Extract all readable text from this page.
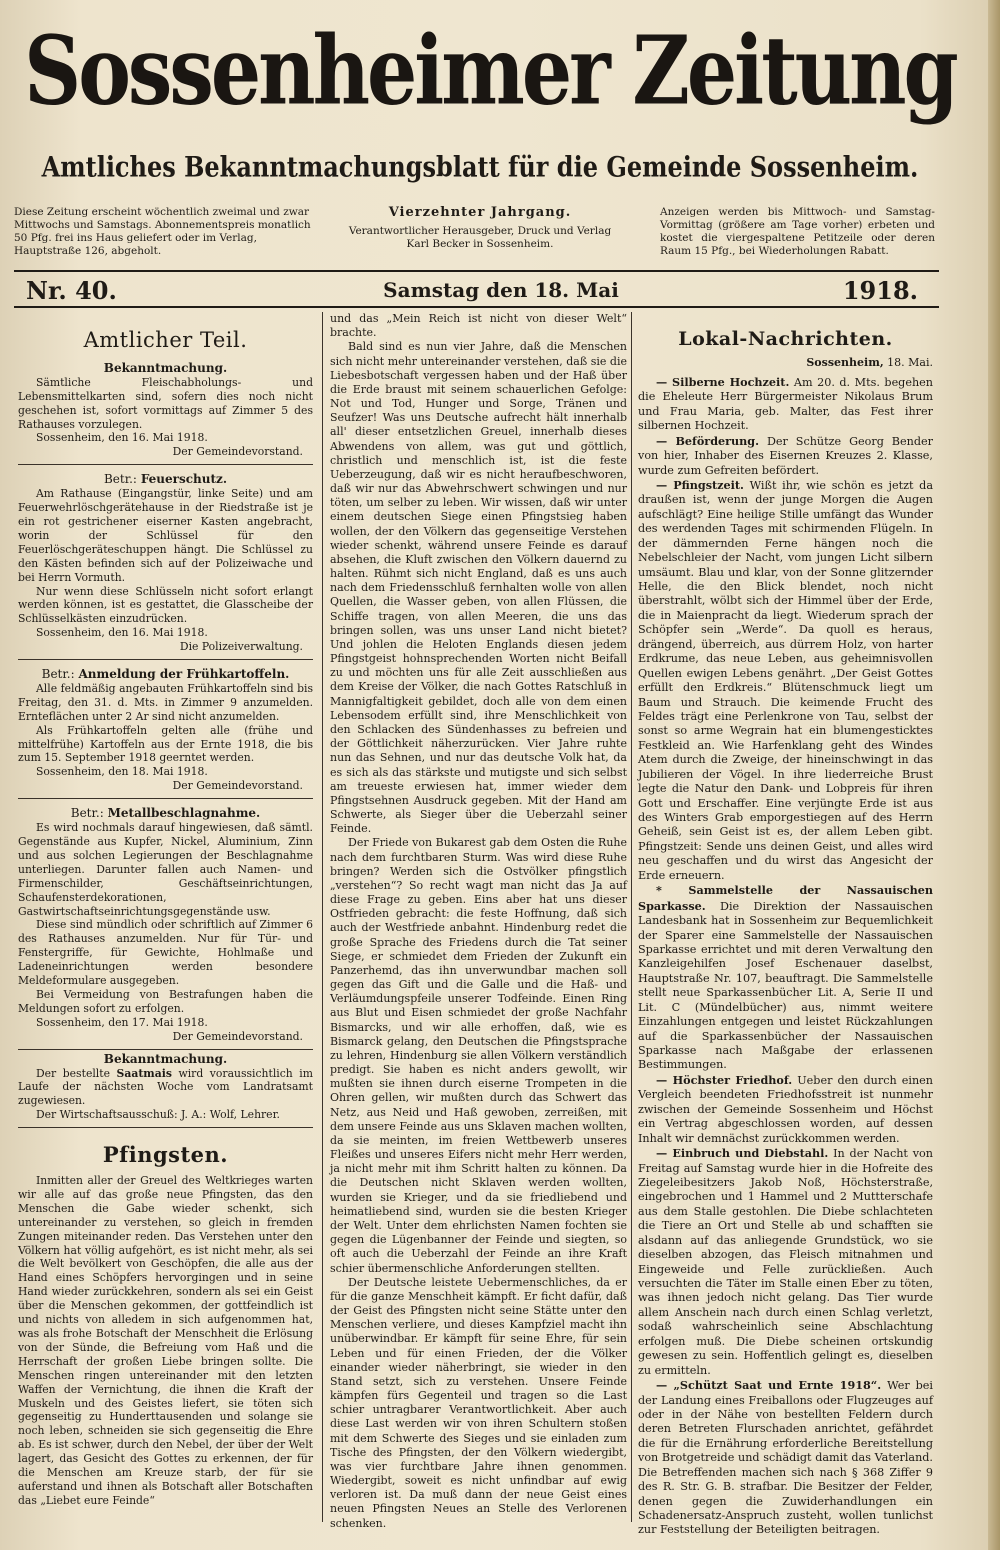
Sossenheimer Zeitung
Amtliches Bekanntmachungsblatt für die Gemeinde Sossenheim.
Diese Zeitung erscheint wöchentlich zweimal und zwar Mittwochs und Samstags. Abonnementspreis monatlich 50 Pfg. frei ins Haus geliefert oder im Verlag, Hauptstraße 126, abgeholt.
Vierzehnter Jahrgang.
Verantwortlicher Herausgeber, Druck und Verlag Karl Becker in Sossenheim.
Anzeigen werden bis Mittwoch- und Samstag-Vormittag (größere am Tage vorher) erbeten und kostet die viergespaltene Petitzeile oder deren Raum 15 Pfg., bei Wiederholungen Rabatt.
Nr. 40.	Samstag den 18. Mai	1918.
Amtlicher Teil.
Bekanntmachung.

Sämtliche Fleischabholungs- und Lebensmittelkarten sind, sofern dies noch nicht geschehen ist, sofort vormittags auf Zimmer 5 des Rathauses vorzulegen.

Sossenheim, den 16. Mai 1918.
Der Gemeindevorstand.
Betr.: Feuerschutz.

Am Rathause (Eingangstür, linke Seite) und am Feuerwehrlöschgerätehause in der Riedstraße ist je ein rot gestrichener eiserner Kasten angebracht, worin der Schlüssel für den Feuerlöschgeräteschuppen hängt. Die Schlüssel zu den Kästen befinden sich auf der Polizeiwache und bei Herrn Vormuth.

Nur wenn diese Schlüsseln nicht sofort erlangt werden können, ist es gestattet, die Glasscheibe der Schlüsselkästen einzudrücken.

Sossenheim, den 16. Mai 1918.
Die Polizeiverwaltung.
Betr.: Anmeldung der Frühkartoffeln.

Alle feldmäßig angebauten Frühkartoffeln sind bis Freitag, den 31. d. Mts. in Zimmer 9 anzumelden. Ernteflächen unter 2 Ar sind nicht anzumelden.

Als Frühkartoffeln gelten alle (frühe und mittelfrühe) Kartoffeln aus der Ernte 1918, die bis zum 15. September 1918 geerntet werden.

Sossenheim, den 18. Mai 1918.
Der Gemeindevorstand.
Betr.: Metallbeschlagnahme.

Es wird nochmals darauf hingewiesen, daß sämtl. Gegenstände aus Kupfer, Nickel, Aluminium, Zinn und aus solchen Legierungen der Beschlagnahme unterliegen. Darunter fallen auch Namen- und Firmenschilder, Geschäftseinrichtungen, Schaufensterdekorationen, Gastwirtschaftseinrichtungsgegenstände usw.

Diese sind mündlich oder schriftlich auf Zimmer 6 des Rathauses anzumelden. Nur für Tür- und Fenstergriffe, für Gewichte, Hohlmaße und Ladeneinrichtungen werden besondere Meldeformulare ausgegeben.

Bei Vermeidung von Bestrafungen haben die Meldungen sofort zu erfolgen.

Sossenheim, den 17. Mai 1918.
Der Gemeindevorstand.
Bekanntmachung.

Der bestellte Saatmais wird voraussichtlich im Laufe der nächsten Woche vom Landratsamt zugewiesen.

Der Wirtschaftsausschuß: J. A.: Wolf, Lehrer.

Pfingsten.

Inmitten aller der Greuel des Weltkrieges warten wir alle auf das große neue Pfingsten, das den Menschen die Gabe wieder schenkt, sich untereinander zu verstehen, so gleich in fremden Zungen miteinander reden. Das Verstehen unter den Völkern hat völlig aufgehört, es ist nicht mehr, als sei die Welt bevölkert von Geschöpfen, die alle aus der Hand eines Schöpfers hervorgingen und in seine Hand wieder zurückkehren, sondern als sei ein Geist über die Menschen gekommen, der gottfeindlich ist und nichts von alledem in sich aufgenommen hat, was als frohe Botschaft der Menschheit die Erlösung von der Sünde, die Befreiung vom Haß und die Herrschaft der großen Liebe bringen sollte. Die Menschen ringen untereinander mit den letzten Waffen der Vernichtung, die ihnen die Kraft der Muskeln und des Geistes liefert, sie töten sich gegenseitig zu Hunderttausenden und solange sie noch leben, schneiden sie sich gegenseitig die Ehre ab. Es ist schwer, durch den Nebel, der über der Welt lagert, das Gesicht des Gottes zu erkennen, der für die Menschen am Kreuze starb, der für sie auferstand und ihnen als Botschaft aller Botschaften das „Liebet eure Feinde“

und das „Mein Reich ist nicht von dieser Welt“ brachte.

Bald sind es nun vier Jahre, daß die Menschen sich nicht mehr untereinander verstehen, daß sie die Liebesbotschaft vergessen haben und der Haß über die Erde braust mit seinem schauerlichen Gefolge: Not und Tod, Hunger und Sorge, Tränen und Seufzer! Was uns Deutsche aufrecht hält innerhalb all' dieser entsetzlichen Greuel, innerhalb dieses Abwendens von allem, was gut und göttlich, christlich und menschlich ist, ist die feste Ueberzeugung, daß wir es nicht heraufbeschworen, daß wir nur das Abwehrschwert schwingen und nur töten, um selber zu leben. Wir wissen, daß wir unter einem deutschen Siege einen Pfingstsieg haben wollen, der den Völkern das gegenseitige Verstehen wieder schenkt, während unsere Feinde es darauf absehen, die Kluft zwischen den Völkern dauernd zu halten. Rühmt sich nicht England, daß es uns auch nach dem Friedensschluß fernhalten wolle von allen Quellen, die Wasser geben, von allen Flüssen, die Schiffe tragen, von allen Meeren, die uns das bringen sollen, was uns unser Land nicht bietet? Und johlen die Heloten Englands diesen jedem Pfingstgeist hohnsprechenden Worten nicht Beifall zu und möchten uns für alle Zeit ausschließen aus dem Kreise der Völker, die nach Gottes Ratschluß in Mannigfaltigkeit gebildet, doch alle von dem einen Lebensodem erfüllt sind, ihre Menschlichkeit von den Schlacken des Sündenhasses zu befreien und der Göttlichkeit näherzurücken. Vier Jahre ruhte nun das Sehnen, und nur das deutsche Volk hat, da es sich als das stärkste und mutigste und sich selbst am treueste erwiesen hat, immer wieder dem Pfingstsehnen Ausdruck gegeben. Mit der Hand am Schwerte, als Sieger über die Ueberzahl seiner Feinde.

Der Friede von Bukarest gab dem Osten die Ruhe nach dem furchtbaren Sturm. Was wird diese Ruhe bringen? Werden sich die Ostvölker pfingstlich „verstehen“? So recht wagt man nicht das Ja auf diese Frage zu geben. Eins aber hat uns dieser Ostfrieden gebracht: die feste Hoffnung, daß sich auch der Westfriede anbahnt. Hindenburg redet die große Sprache des Friedens durch die Tat seiner Siege, er schmiedet dem Frieden der Zukunft ein Panzerhemd, das ihn unverwundbar machen soll gegen das Gift und die Galle und die Haß- und Verläumdungspfeile unserer Todfeinde. Einen Ring aus Blut und Eisen schmiedet der große Nachfahr Bismarcks, und wir alle erhoffen, daß, wie es Bismarck gelang, den Deutschen die Pfingstsprache zu lehren, Hindenburg sie allen Völkern verständlich predigt. Sie haben es nicht anders gewollt, wir mußten sie ihnen durch eiserne Trompeten in die Ohren gellen, wir mußten durch das Schwert das Netz, aus Neid und Haß gewoben, zerreißen, mit dem unsere Feinde aus uns Sklaven machen wollten, da sie meinten, im freien Wettbewerb unseres Fleißes und unseres Eifers nicht mehr Herr werden, ja nicht mehr mit ihm Schritt halten zu können. Da die Deutschen nicht Sklaven werden wollten, wurden sie Krieger, und da sie friedliebend und heimatliebend sind, wurden sie die besten Krieger der Welt. Unter dem ehrlichsten Namen fochten sie gegen die Lügenbanner der Feinde und siegten, so oft auch die Ueberzahl der Feinde an ihre Kraft schier übermenschliche Anforderungen stellten.

Der Deutsche leistete Uebermenschliches, da er für die ganze Menschheit kämpft. Er ficht dafür, daß der Geist des Pfingsten nicht seine Stätte unter den Menschen verliere, und dieses Kampfziel macht ihn unüberwindbar. Er kämpft für seine Ehre, für sein Leben und für einen Frieden, der die Völker einander wieder näherbringt, sie wieder in den Stand setzt, sich zu verstehen. Unsere Feinde kämpfen fürs Gegenteil und tragen so die Last schier untragbarer Verantwortlichkeit. Aber auch diese Last werden wir von ihren Schultern stoßen mit dem Schwerte des Sieges und sie einladen zum Tische des Pfingsten, der den Völkern wiedergibt, was vier furchtbare Jahre ihnen genommen. Wiedergibt, soweit es nicht unfindbar auf ewig verloren ist. Da muß dann der neue Geist eines neuen Pfingsten Neues an Stelle des Verlorenen schenken.

Lokal-Nachrichten.
Sossenheim, 18. Mai.

— Silberne Hochzeit. Am 20. d. Mts. begehen die Eheleute Herr Bürgermeister Nikolaus Brum und Frau Maria, geb. Malter, das Fest ihrer silbernen Hochzeit.

— Beförderung. Der Schütze Georg Bender von hier, Inhaber des Eisernen Kreuzes 2. Klasse, wurde zum Gefreiten befördert.

— Pfingstzeit. Wißt ihr, wie schön es jetzt da draußen ist, wenn der junge Morgen die Augen aufschlägt? Eine heilige Stille umfängt das Wunder des werdenden Tages mit schirmenden Flügeln. In der dämmernden Ferne hängen noch die Nebelschleier der Nacht, vom jungen Licht silbern umsäumt. Blau und klar, von der Sonne glitzernder Helle, die den Blick blendet, noch nicht überstrahlt, wölbt sich der Himmel über der Erde, die in Maienpracht da liegt. Wiederum sprach der Schöpfer sein „Werde“. Da quoll es heraus, drängend, überreich, aus dürrem Holz, von harter Erdkrume, das neue Leben, aus geheimnisvollen Quellen ewigen Lebens genährt. „Der Geist Gottes erfüllt den Erdkreis.“ Blütenschmuck liegt um Baum und Strauch. Die keimende Frucht des Feldes trägt eine Perlenkrone von Tau, selbst der sonst so arme Wegrain hat ein blumengesticktes Festkleid an. Wie Harfenklang geht des Windes Atem durch die Zweige, der hineinschwingt in das Jubilieren der Vögel. In ihre liederreiche Brust legte die Natur den Dank- und Lobpreis für ihren Gott und Erschaffer. Eine verjüngte Erde ist aus des Winters Grab emporgestiegen auf des Herrn Geheiß, sein Geist ist es, der allem Leben gibt. Pfingstzeit: Sende uns deinen Geist, und alles wird neu geschaffen und du wirst das Angesicht der Erde erneuern.

* Sammelstelle der Nassauischen Sparkasse. Die Direktion der Nassauischen Landesbank hat in Sossenheim zur Bequemlichkeit der Sparer eine Sammelstelle der Nassauischen Sparkasse errichtet und mit deren Verwaltung den Kanzleigehilfen Josef Eschenauer daselbst, Hauptstraße Nr. 107, beauftragt. Die Sammelstelle stellt neue Sparkassenbücher Lit. A, Serie II und Lit. C (Mündelbücher) aus, nimmt weitere Einzahlungen entgegen und leistet Rückzahlungen auf die Sparkassenbücher der Nassauischen Sparkasse nach Maßgabe der erlassenen Bestimmungen.

— Höchster Friedhof. Ueber den durch einen Vergleich beendeten Friedhofsstreit ist nunmehr zwischen der Gemeinde Sossenheim und Höchst ein Vertrag abgeschlossen worden, auf dessen Inhalt wir demnächst zurückkommen werden.

— Einbruch und Diebstahl. In der Nacht von Freitag auf Samstag wurde hier in die Hofreite des Ziegeleibesitzers Jakob Noß, Höchsterstraße, eingebrochen und 1 Hammel und 2 Muttterschafe aus dem Stalle gestohlen. Die Diebe schlachteten die Tiere an Ort und Stelle ab und schafften sie alsdann auf das anliegende Grundstück, wo sie dieselben abzogen, das Fleisch mitnahmen und Eingeweide und Felle zurückließen. Auch versuchten die Täter im Stalle einen Eber zu töten, was ihnen jedoch nicht gelang. Das Tier wurde allem Anschein nach durch einen Schlag verletzt, sodaß wahrscheinlich seine Abschlachtung erfolgen muß. Die Diebe scheinen ortskundig gewesen zu sein. Hoffentlich gelingt es, dieselben zu ermitteln.

— „Schützt Saat und Ernte 1918“. Wer bei der Landung eines Freiballons oder Flugzeuges auf oder in der Nähe von bestellten Feldern durch deren Betreten Flurschaden anrichtet, gefährdet die für die Ernährung erforderliche Bereitstellung von Brotgetreide und schädigt damit das Vaterland. Die Betreffenden machen sich nach § 368 Ziffer 9 des R. Str. G. B. strafbar. Die Besitzer der Felder, denen gegen die Zuwiderhandlungen ein Schadenersatz-Anspruch zusteht, wollen tunlichst zur Feststellung der Beteiligten beitragen.
